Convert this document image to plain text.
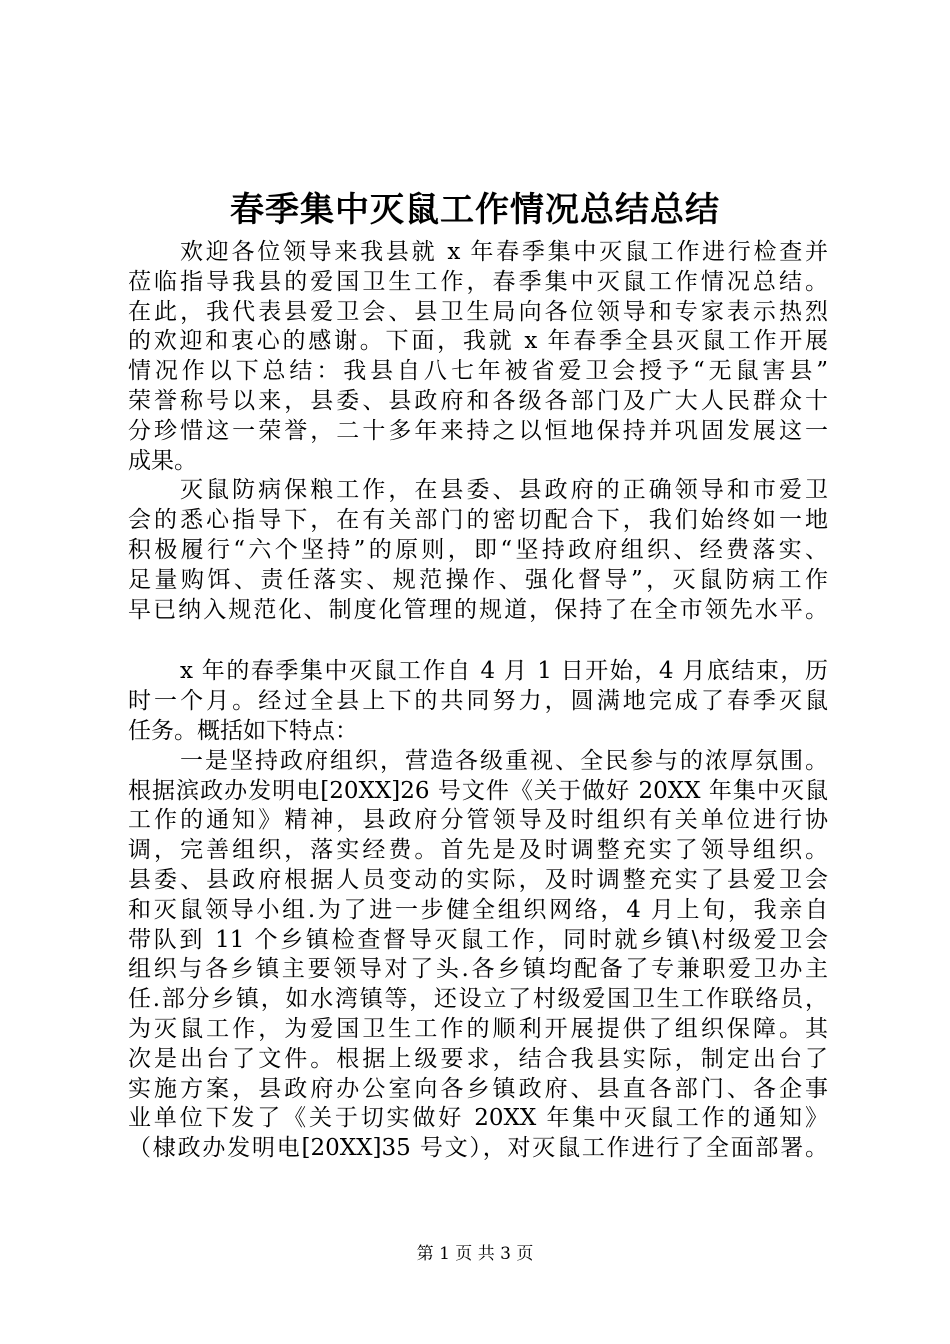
春季集中灭鼠工作情况总结总结
欢迎各位领导来我县就 x 年春季集中灭鼠工作进行检查并
莅临指导我县的爱国卫生工作，春季集中灭鼠工作情况总结。
在此，我代表县爱卫会、县卫生局向各位领导和专家表示热烈
的欢迎和衷心的感谢。下面，我就 x 年春季全县灭鼠工作开展
情况作以下总结：我县自八七年被省爱卫会授予“无鼠害县”
荣誉称号以来，县委、县政府和各级各部门及广大人民群众十
分珍惜这一荣誉，二十多年来持之以恒地保持并巩固发展这一
成果。
灭鼠防病保粮工作，在县委、县政府的正确领导和市爱卫
会的悉心指导下，在有关部门的密切配合下，我们始终如一地
积极履行“六个坚持”的原则，即“坚持政府组织、经费落实、
足量购饵、责任落实、规范操作、强化督导”，灭鼠防病工作
早已纳入规范化、制度化管理的规道，保持了在全市领先水平。
x 年的春季集中灭鼠工作自 4 月 1 日开始，4 月底结束，历
时一个月。经过全县上下的共同努力，圆满地完成了春季灭鼠
任务。概括如下特点：
一是坚持政府组织，营造各级重视、全民参与的浓厚氛围。
根据滨政办发明电[20XX]26 号文件《关于做好 20XX 年集中灭鼠
工作的通知》精神，县政府分管领导及时组织有关单位进行协
调，完善组织，落实经费。首先是及时调整充实了领导组织。
县委、县政府根据人员变动的实际，及时调整充实了县爱卫会
和灭鼠领导小组.为了进一步健全组织网络，4 月上旬，我亲自
带队到 11 个乡镇检查督导灭鼠工作，同时就乡镇\村级爱卫会
组织与各乡镇主要领导对了头.各乡镇均配备了专兼职爱卫办主
任.部分乡镇，如水湾镇等，还设立了村级爱国卫生工作联络员，
为灭鼠工作，为爱国卫生工作的顺利开展提供了组织保障。其
次是出台了文件。根据上级要求，结合我县实际，制定出台了
实施方案，县政府办公室向各乡镇政府、县直各部门、各企事
业单位下发了《关于切实做好 20XX 年集中灭鼠工作的通知》
（棣政办发明电[20XX]35 号文），对灭鼠工作进行了全面部署。
第 1 页 共 3 页
